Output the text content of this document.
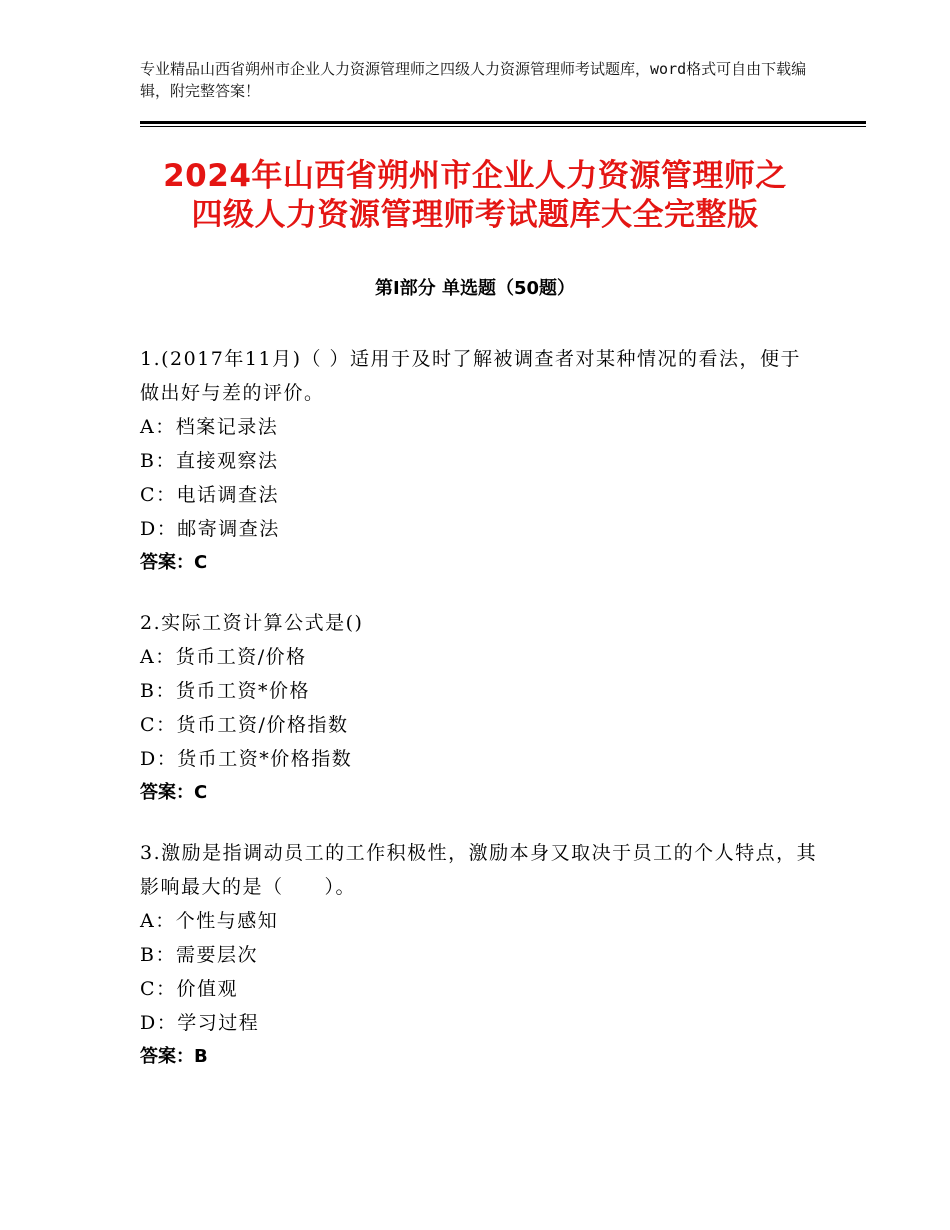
专业精品山西省朔州市企业人力资源管理师之四级人力资源管理师考试题库，word格式可自由下载编辑，附完整答案！
2024年山西省朔州市企业人力资源管理师之
四级人力资源管理师考试题库大全完整版
第Ⅰ部分 单选题（50题）
1.(2017年11月)（ ）适用于及时了解被调查者对某种情况的看法，便于做出好与差的评价。
A：档案记录法
B：直接观察法
C：电话调查法
D：邮寄调查法
答案：C
2.实际工资计算公式是()
A：货币工资/价格
B：货币工资*价格
C：货币工资/价格指数
D：货币工资*价格指数
答案：C
3.激励是指调动员工的工作积极性，激励本身又取决于员工的个人特点，其影响最大的是（　　）。
A：个性与感知
B：需要层次
C：价值观
D：学习过程
答案：B
